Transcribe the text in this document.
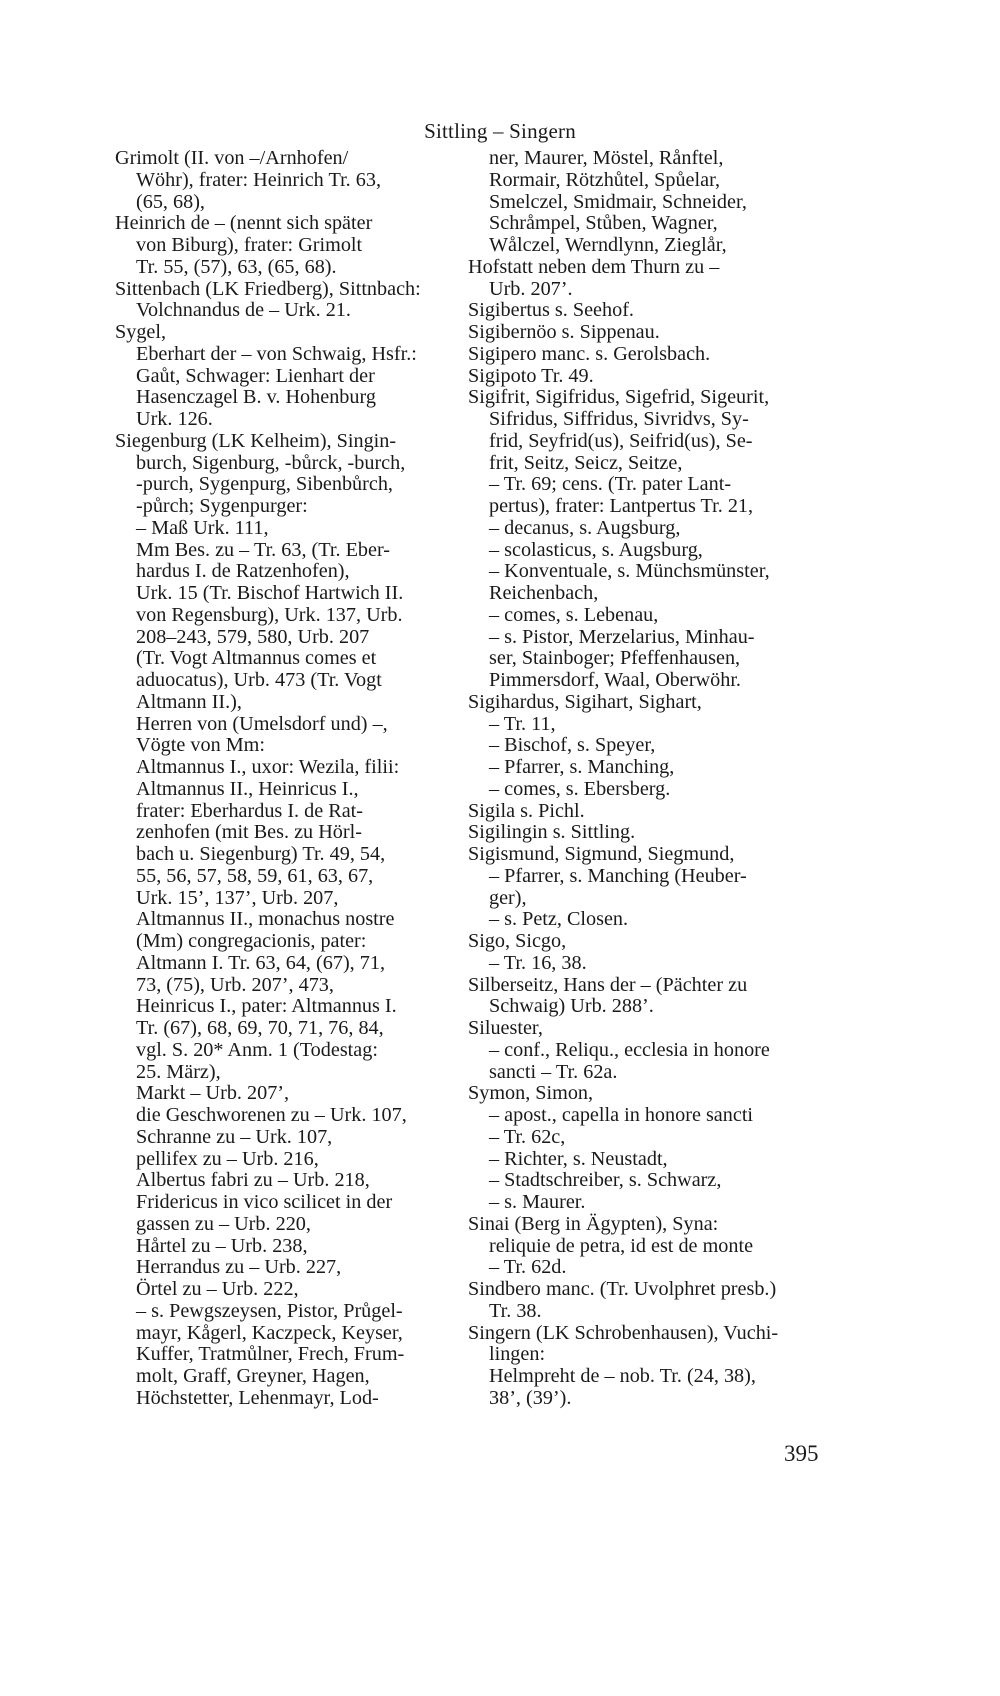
Sittling – Singern
Grimolt (II. von –/Arnhofen/
Wöhr), frater: Heinrich Tr. 63,
(65, 68),
Heinrich de – (nennt sich später
von Biburg), frater: Grimolt
Tr. 55, (57), 63, (65, 68).
Sittenbach (LK Friedberg), Sittnbach:
Volchnandus de – Urk. 21.
Sygel,
Eberhart der – von Schwaig, Hsfr.:
Gaůt, Schwager: Lienhart der
Hasenczagel B. v. Hohenburg
Urk. 126.
Siegenburg (LK Kelheim), Singin-
burch, Sigenburg, -bůrck, -burch,
-purch, Sygenpurg, Sibenbůrch,
-půrch; Sygenpurger:
– Maß Urk. 111,
Mm Bes. zu – Tr. 63, (Tr. Eber-
hardus I. de Ratzenhofen),
Urk. 15 (Tr. Bischof Hartwich II.
von Regensburg), Urk. 137, Urb.
208–243, 579, 580, Urb. 207
(Tr. Vogt Altmannus comes et
aduocatus), Urb. 473 (Tr. Vogt
Altmann II.),
Herren von (Umelsdorf und) –,
Vögte von Mm:
Altmannus I., uxor: Wezila, filii:
Altmannus II., Heinricus I.,
frater: Eberhardus I. de Rat-
zenhofen (mit Bes. zu Hörl-
bach u. Siegenburg) Tr. 49, 54,
55, 56, 57, 58, 59, 61, 63, 67,
Urk. 15’, 137’, Urb. 207,
Altmannus II., monachus nostre
(Mm) congregacionis, pater:
Altmann I. Tr. 63, 64, (67), 71,
73, (75), Urb. 207’, 473,
Heinricus I., pater: Altmannus I.
Tr. (67), 68, 69, 70, 71, 76, 84,
vgl. S. 20* Anm. 1 (Todestag:
25. März),
Markt – Urb. 207’,
die Geschworenen zu – Urk. 107,
Schranne zu – Urk. 107,
pellifex zu – Urb. 216,
Albertus fabri zu – Urb. 218,
Fridericus in vico scilicet in der
gassen zu – Urb. 220,
Hårtel zu – Urb. 238,
Herrandus zu – Urb. 227,
Örtel zu – Urb. 222,
– s. Pewgszeysen, Pistor, Průgel-
mayr, Kågerl, Kaczpeck, Keyser,
Kuffer, Tratmůlner, Frech, Frum-
molt, Graff, Greyner, Hagen,
Höchstetter, Lehenmayr, Lod-
ner, Maurer, Möstel, Rånftel,
Rormair, Rötzhůtel, Spůelar,
Smelczel, Smidmair, Schneider,
Schråmpel, Stůben, Wagner,
Wålczel, Werndlynn, Zieglår,
Hofstatt neben dem Thurn zu –
Urb. 207’.
Sigibertus s. Seehof.
Sigibernöo s. Sippenau.
Sigipero manc. s. Gerolsbach.
Sigipoto Tr. 49.
Sigifrit, Sigifridus, Sigefrid, Sigeurit,
Sifridus, Siffridus, Sivridvs, Sy-
frid, Seyfrid(us), Seifrid(us), Se-
frit, Seitz, Seicz, Seitze,
– Tr. 69; cens. (Tr. pater Lant-
pertus), frater: Lantpertus Tr. 21,
– decanus, s. Augsburg,
– scolasticus, s. Augsburg,
– Konventuale, s. Münchsmünster,
Reichenbach,
– comes, s. Lebenau,
– s. Pistor, Merzelarius, Minhau-
ser, Stainboger; Pfeffenhausen,
Pimmersdorf, Waal, Oberwöhr.
Sigihardus, Sigihart, Sighart,
– Tr. 11,
– Bischof, s. Speyer,
– Pfarrer, s. Manching,
– comes, s. Ebersberg.
Sigila s. Pichl.
Sigilingin s. Sittling.
Sigismund, Sigmund, Siegmund,
– Pfarrer, s. Manching (Heuber-
ger),
– s. Petz, Closen.
Sigo, Sicgo,
– Tr. 16, 38.
Silberseitz, Hans der – (Pächter zu
Schwaig) Urb. 288’.
Siluester,
– conf., Reliqu., ecclesia in honore
sancti – Tr. 62a.
Symon, Simon,
– apost., capella in honore sancti
– Tr. 62c,
– Richter, s. Neustadt,
– Stadtschreiber, s. Schwarz,
– s. Maurer.
Sinai (Berg in Ägypten), Syna:
reliquie de petra, id est de monte
– Tr. 62d.
Sindbero manc. (Tr. Uvolphret presb.)
Tr. 38.
Singern (LK Schrobenhausen), Vuchi-
lingen:
Helmpreht de – nob. Tr. (24, 38),
38’, (39’).
395
